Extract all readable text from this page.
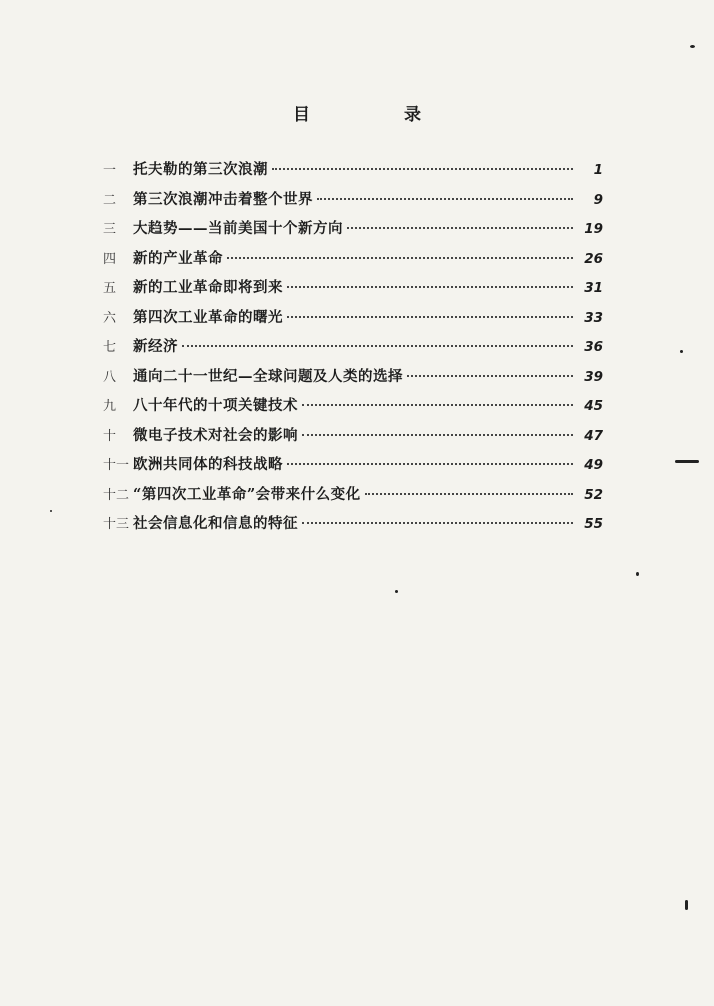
目 录
一	托夫勒的第三次浪潮	1
二	第三次浪潮冲击着整个世界	9
三	大趋势——当前美国十个新方向	19
四	新的产业革命	26
五	新的工业革命即将到来	31
六	第四次工业革命的曙光	33
七	新经济	36
八	通向二十一世纪—全球问题及人类的选择	39
九	八十年代的十项关键技术	45
十	微电子技术对社会的影响	47
十一 欧洲共同体的科技战略	49
十二 “第四次工业革命”会带来什么变化	52
十三 社会信息化和信息的特征	55
